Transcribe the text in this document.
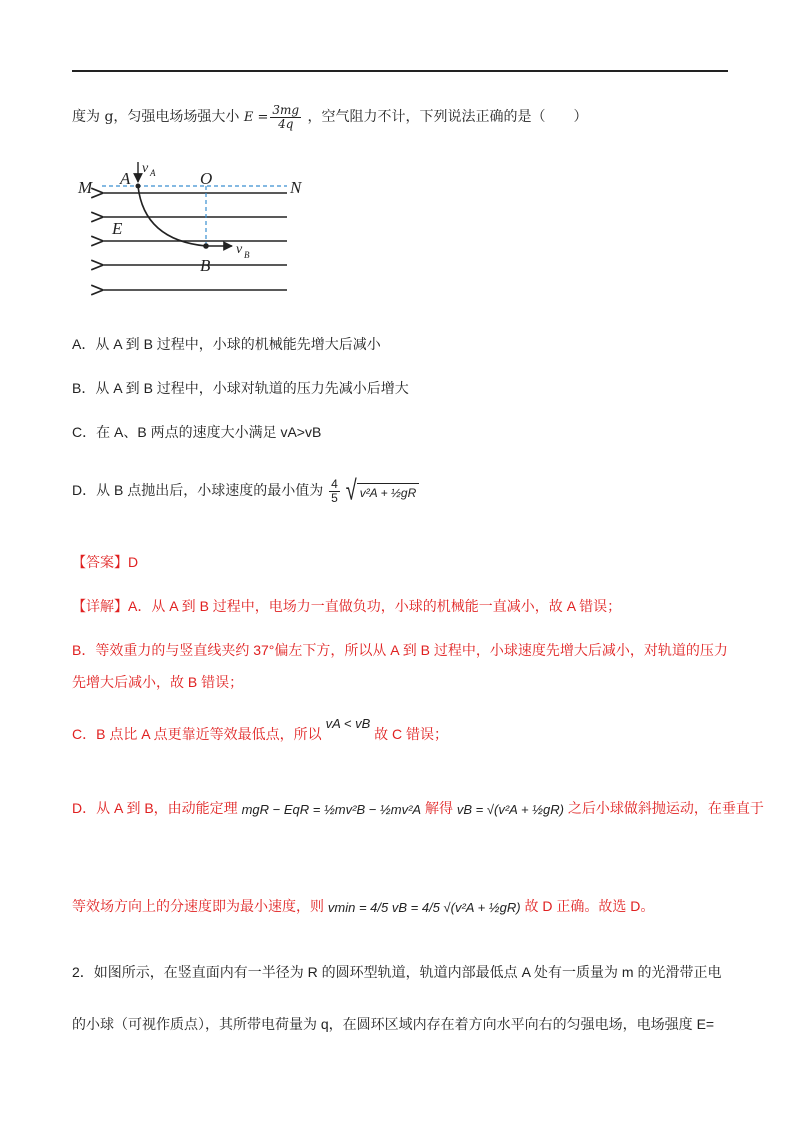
度为 g，匀强电场场强大小 $E = \frac{3mg}{4q}$ ，空气阻力不计，下列说法正确的是（　　）
M	N
A	O
E
B
v A
v B
A．从 A 到 B 过程中，小球的机械能先增大后减小
B．从 A 到 B 过程中，小球对轨道的压力先减小后增大
C．在 A、B 两点的速度大小满足 vA>vB
D．从 B 点抛出后，小球速度的最小值为 $\frac{4}{5}$
√ v²A + ½gR
【答案】D
【详解】A．从 A 到 B 过程中，电场力一直做负功，小球的机械能一直减小，故 A 错误；
B．等效重力的与竖直线夹约 37°偏左下方，所以从 A 到 B 过程中，小球速度先增大后减小，对轨道的压力
先增大后减小，故 B 错误；
C．B 点比 A 点更靠近等效最低点，所以 vA < vB 故 C 错误；
D．从 A 到 B，由动能定理 mgR − EqR = ½mv²B − ½mv²A 解得 vB = √(v²A + ½gR) 之后小球做斜抛运动，在垂直于
等效场方向上的分速度即为最小速度，则 vmin = 4/5 vB = 4/5 √(v²A + ½gR) 故 D 正确。故选 D。
2．如图所示，在竖直面内有一半径为 R 的圆环型轨道，轨道内部最低点 A 处有一质量为 m 的光滑带正电
的小球（可视作质点），其所带电荷量为 q，在圆环区域内存在着方向水平向右的匀强电场，电场强度 E=
